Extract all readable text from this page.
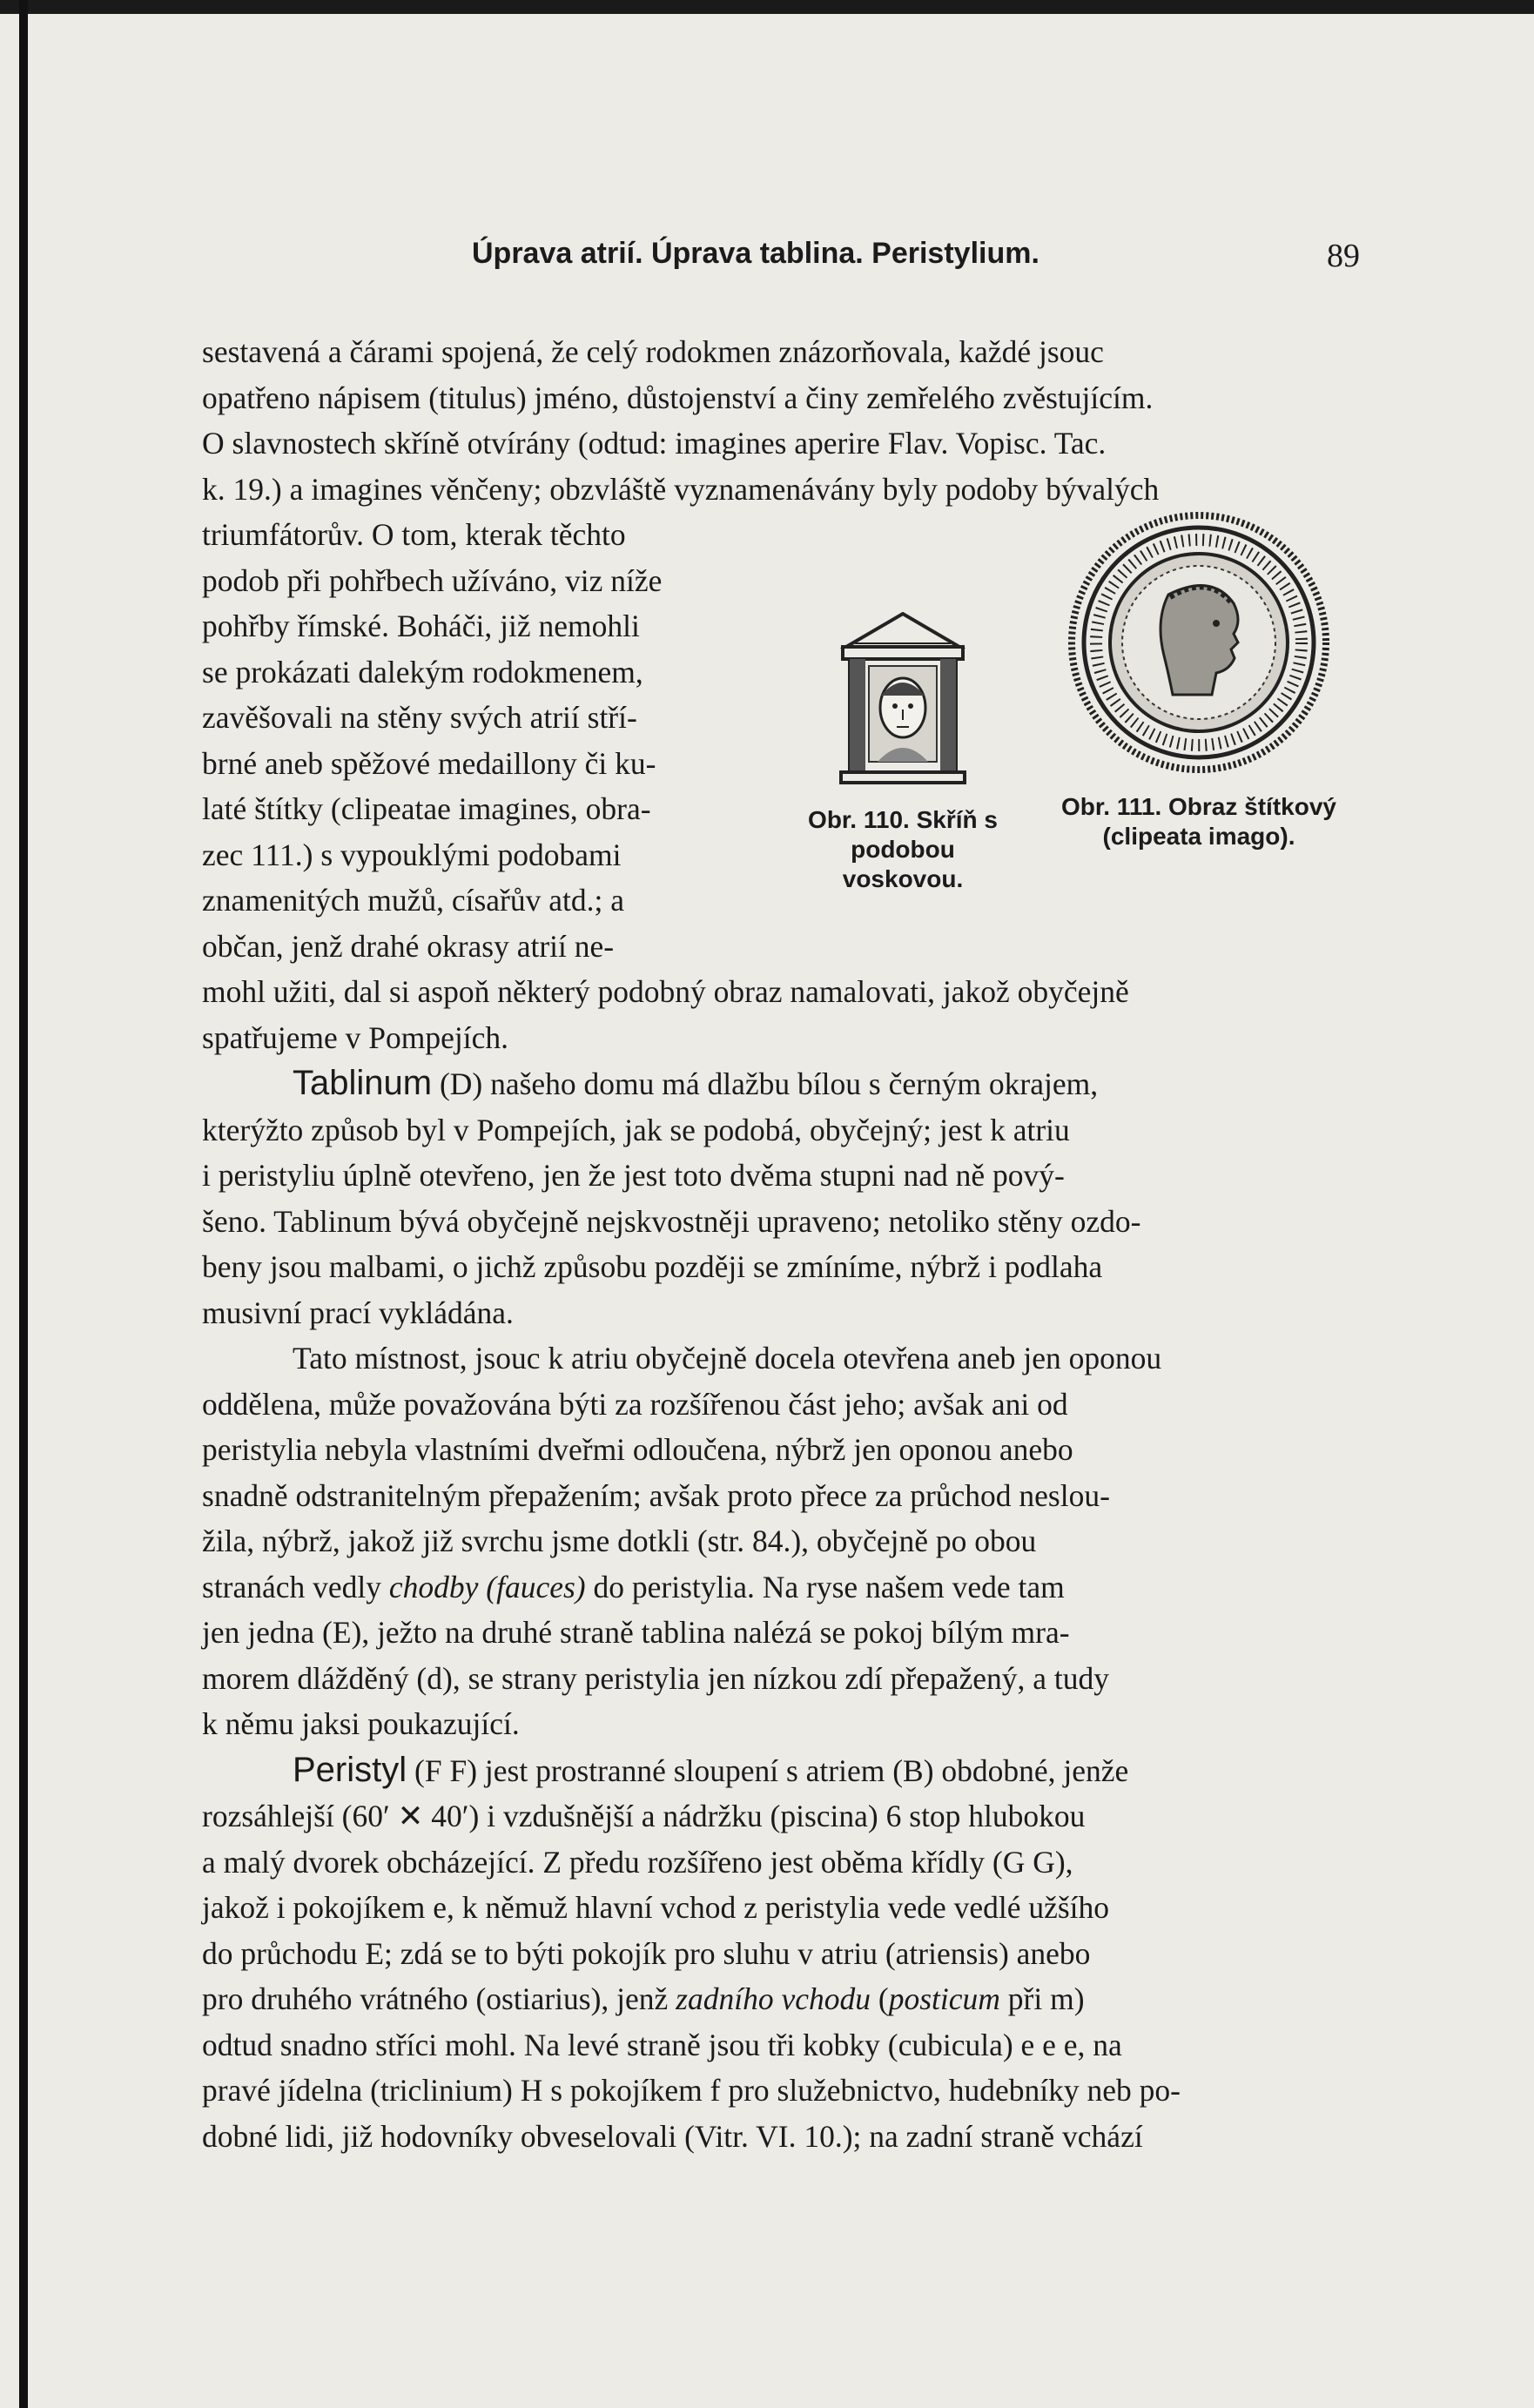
Úprava atrií. Úprava tablina. Peristylium.	89

sestavená a čárami spojená, že celý rodokmen znázorňovala, každé jsouc
opatřeno nápisem (titulus) jméno, důstojenství a činy zemřelého zvěstujícím.
O slavnostech skříně otvírány (odtud: imagines aperire Flav. Vopisc. Tac.
k. 19.) a imagines věnčeny; obzvláště vyznamenávány byly podoby bývalých

triumfátorův. O tom, kterak těchto
podob při pohřbech užíváno, viz níže
pohřby římské. Boháči, již nemohli
se prokázati dalekým rodokmenem,
zavěšovali na stěny svých atrií stří-
brné aneb spěžové medaillony či ku-
laté štítky (clipeatae imagines, obra-
zec 111.) s vypouklými podobami
znamenitých mužů, císařův atd.; a
občan, jenž drahé okrasy atrií ne-
Obr. 110. Skříň s podobou voskovou.
Obr. 111. Obraz štítkový (clipeata imago).

mohl užiti, dal si aspoň některý podobný obraz namalovati, jakož obyčejně
spatřujeme v Pompejích.

Tablinum (D) našeho domu má dlažbu bílou s černým okrajem,
kterýžto způsob byl v Pompejích, jak se podobá, obyčejný; jest k atriu
i peristyliu úplně otevřeno, jen že jest toto dvěma stupni nad ně pový-
šeno. Tablinum bývá obyčejně nejskvostněji upraveno; netoliko stěny ozdo-
beny jsou malbami, o jichž způsobu později se zmíníme, nýbrž i podlaha
musivní prací vykládána.

Tato místnost, jsouc k atriu obyčejně docela otevřena aneb jen oponou
oddělena, může považována býti za rozšířenou část jeho; avšak ani od
peristylia nebyla vlastními dveřmi odloučena, nýbrž jen oponou anebo
snadně odstranitelným přepažením; avšak proto přece za průchod neslou-
žila, nýbrž, jakož již svrchu jsme dotkli (str. 84.), obyčejně po obou
stranách vedly chodby (fauces) do peristylia. Na ryse našem vede tam
jen jedna (E), ježto na druhé straně tablina nalézá se pokoj bílým mra-
morem dlážděný (d), se strany peristylia jen nízkou zdí přepažený, a tudy
k němu jaksi poukazující.

Peristyl (F F) jest prostranné sloupení s atriem (B) obdobné, jenže
rozsáhlejší (60′ ✕ 40′) i vzdušnější a nádržku (piscina) 6 stop hlubokou
a malý dvorek obcházející. Z předu rozšířeno jest oběma křídly (G G),
jakož i pokojíkem e, k němuž hlavní vchod z peristylia vede vedlé užšího
do průchodu E; zdá se to býti pokojík pro sluhu v atriu (atriensis) anebo
pro druhého vrátného (ostiarius), jenž zadního vchodu (posticum při m)
odtud snadno stříci mohl. Na levé straně jsou tři kobky (cubicula) e e e, na
pravé jídelna (triclinium) H s pokojíkem f pro služebnictvo, hudebníky neb po-
dobné lidi, již hodovníky obveselovali (Vitr. VI. 10.); na zadní straně vchází
